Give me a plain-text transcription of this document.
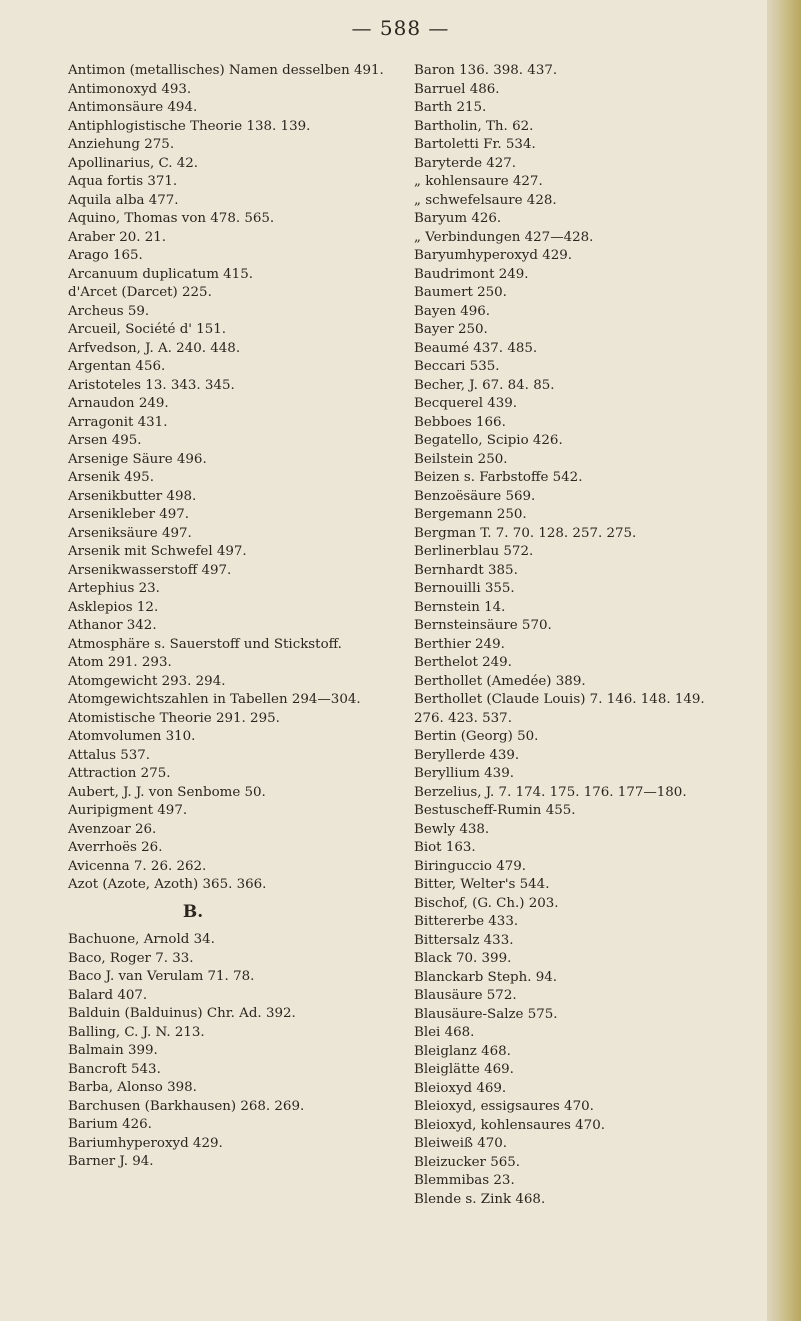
— 588 —
Antimon (metallisches) Namen desselben 491.
Antimonoxyd 493.
Antimonsäure 494.
Antiphlogistische Theorie 138. 139.
Anziehung 275.
Apollinarius, C. 42.
Aqua fortis 371.
Aquila alba 477.
Aquino, Thomas von 478. 565.
Araber 20. 21.
Arago 165.
Arcanuum duplicatum 415.
d'Arcet (Darcet) 225.
Archeus 59.
Arcueil, Société d' 151.
Arfvedson, J. A. 240. 448.
Argentan 456.
Aristoteles 13. 343. 345.
Arnaudon 249.
Arragonit 431.
Arsen 495.
Arsenige Säure 496.
Arsenik 495.
Arsenikbutter 498.
Arsenikleber 497.
Arseniksäure 497.
Arsenik mit Schwefel 497.
Arsenikwasserstoff 497.
Artephius 23.
Asklepios 12.
Athanor 342.
Atmosphäre s. Sauerstoff und Stickstoff.
Atom 291. 293.
Atomgewicht 293. 294.
Atomgewichtszahlen in Tabellen 294—304.
Atomistische Theorie 291. 295.
Atomvolumen 310.
Attalus 537.
Attraction 275.
Aubert, J. J. von Senbome 50.
Auripigment 497.
Avenzoar 26.
Averrhoës 26.
Avicenna 7. 26. 262.
Azot (Azote, Azoth) 365. 366.
B.
Bachuone, Arnold 34.
Baco, Roger 7. 33.
Baco J. van Verulam 71. 78.
Balard 407.
Balduin (Balduinus) Chr. Ad. 392.
Balling, C. J. N. 213.
Balmain 399.
Bancroft 543.
Barba, Alonso 398.
Barchusen (Barkhausen) 268. 269.
Barium 426.
Bariumhyperoxyd 429.
Barner J. 94.
Baron 136. 398. 437.
Barruel 486.
Barth 215.
Bartholin, Th. 62.
Bartoletti Fr. 534.
Baryterde 427.
„ kohlensaure 427.
„ schwefelsaure 428.
Baryum 426.
„ Verbindungen 427—428.
Baryumhyperoxyd 429.
Baudrimont 249.
Baumert 250.
Bayen 496.
Bayer 250.
Beaumé 437. 485.
Beccari 535.
Becher, J. 67. 84. 85.
Becquerel 439.
Bebboes 166.
Begatello, Scipio 426.
Beilstein 250.
Beizen s. Farbstoffe 542.
Benzoësäure 569.
Bergemann 250.
Bergman T. 7. 70. 128. 257. 275.
Berlinerblau 572.
Bernhardt 385.
Bernouilli 355.
Bernstein 14.
Bernsteinsäure 570.
Berthier 249.
Berthelot 249.
Berthollet (Amedée) 389.
Berthollet (Claude Louis) 7. 146. 148. 149.
276. 423. 537.
Bertin (Georg) 50.
Beryllerde 439.
Beryllium 439.
Berzelius, J. 7. 174. 175. 176. 177—180.
Bestuscheff-Rumin 455.
Bewly 438.
Biot 163.
Biringuccio 479.
Bitter, Welter's 544.
Bischof, (G. Ch.) 203.
Bittererbe 433.
Bittersalz 433.
Black 70. 399.
Blanckarb Steph. 94.
Blausäure 572.
Blausäure-Salze 575.
Blei 468.
Bleiglanz 468.
Bleiglätte 469.
Bleioxyd 469.
Bleioxyd, essigsaures 470.
Bleioxyd, kohlensaures 470.
Bleiweiß 470.
Bleizucker 565.
Blemmibas 23.
Blende s. Zink 468.
